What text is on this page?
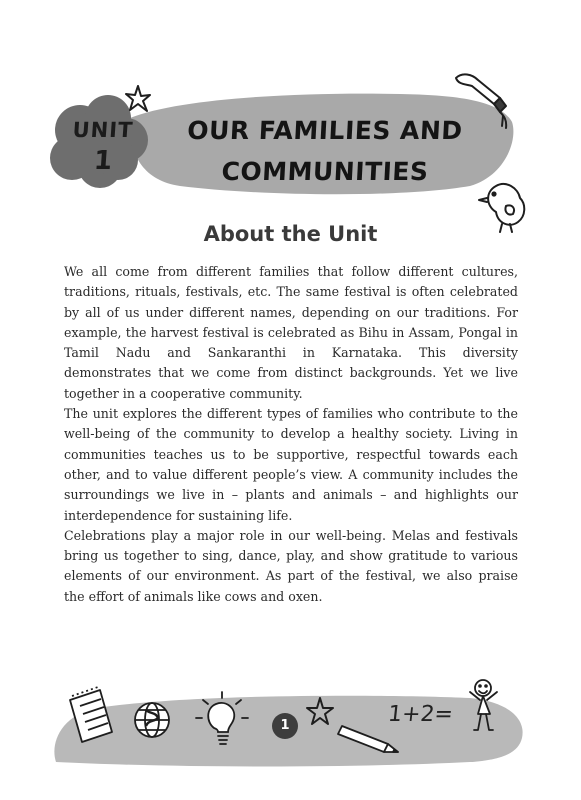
UNIT
1
OUR FAMILIES AND
COMMUNITIES
About the Unit

We all come from different families that follow different cultures, traditions, rituals, festivals, etc. The same festival is often celebrated by all of us under different names, depending on our traditions. For example, the harvest festival is celebrated as Bihu in Assam, Pongal in Tamil Nadu and Sankaranthi in Karnataka. This diversity demonstrates that we come from distinct backgrounds. Yet we live together in a cooperative community.

The unit explores the different types of families who contribute to the well-being of the community to develop a healthy society. Living in communities teaches us to be supportive, respectful towards each other, and to value different people’s view. A community includes the surroundings we live in – plants and animals – and highlights our interdependence for sustaining life.

Celebrations play a major role in our well-being. Melas and festivals bring us together to sing, dance, play, and show gratitude to various elements of our environment. As part of the festival, we also praise the effort of animals like cows and oxen.

1+2=
1
